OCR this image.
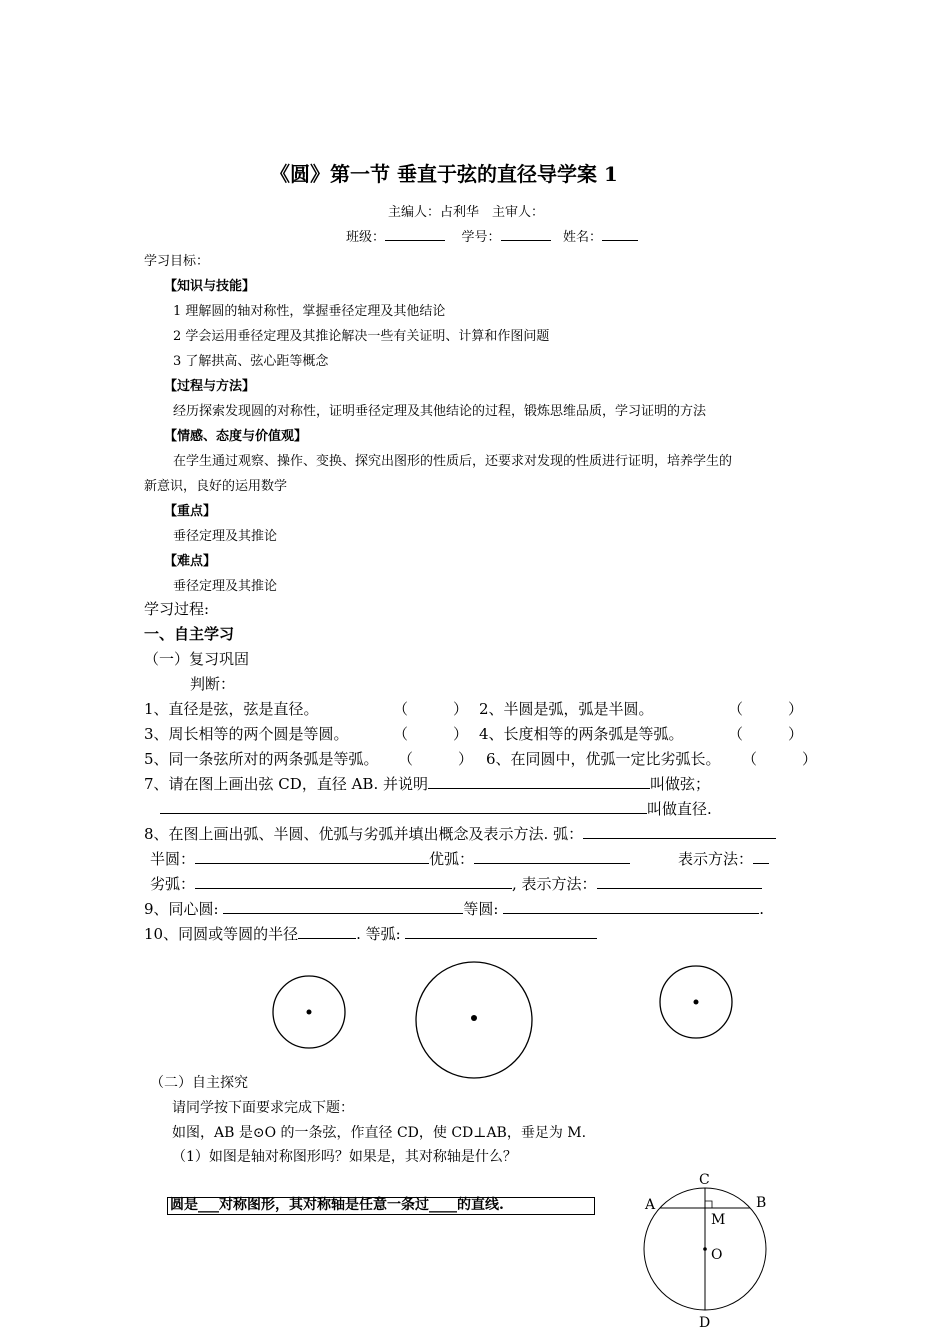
《圆》第一节 垂直于弦的直径导学案 1
主编人：占利华　主审人：
班级：	学号：	姓名：
学习目标：
【知识与技能】
1 理解圆的轴对称性，掌握垂径定理及其他结论
2 学会运用垂径定理及其推论解决一些有关证明、计算和作图问题
3 了解拱高、弦心距等概念
【过程与方法】
经历探索发现圆的对称性，证明垂径定理及其他结论的过程，锻炼思维品质，学习证明的方法
【情感、态度与价值观】
在学生通过观察、操作、变换、探究出图形的性质后，还要求对发现的性质进行证明，培养学生的
新意识，良好的运用数学
【重点】
垂径定理及其推论
【难点】
垂径定理及其推论
学习过程:
一、自主学习
（一）复习巩固
判断：
1、直径是弦，弦是直径。	（　　　） 2、半圆是弧，弧是半圆。	（　　　）
3、周长相等的两个圆是等圆。	（　　　） 4、长度相等的两条弧是等弧。	（　　　）
5、同一条弦所对的两条弧是等弧。 （　　　） 6、在同圆中，优弧一定比劣弧长。 （　　　）
7、请在图上画出弦 CD，直径 AB. 并说明	叫做弦；
叫做直径.
8、在图上画出弧、半圆、优弧与劣弧并填出概念及表示方法. 弧：
半圆：	优弧：	表示方法：
劣弧：	, 表示方法：
9、同心圆:	等圆:	.
10、同圆或等圆的半径	. 等弧:
（二）自主探究
请同学按下面要求完成下题：
如图，AB 是⊙O 的一条弦，作直径 CD，使 CD⊥AB，垂足为 M.
（1）如图是轴对称图形吗？如果是，其对称轴是什么？
圆是___对称图形，其对称轴是任意一条过____的直线.
C
A	B
M
O
D
